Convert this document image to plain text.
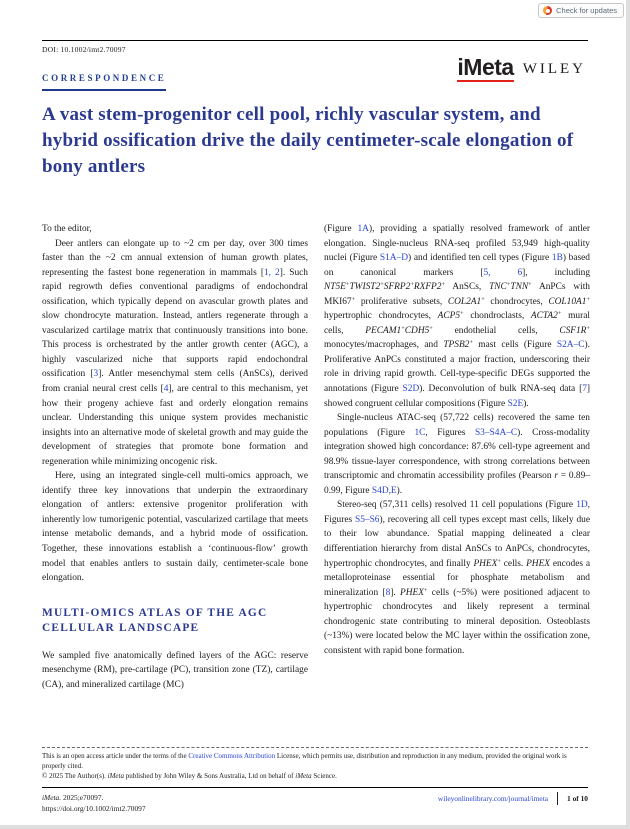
Check for updates
DOI: 10.1002/imt2.70097
CORRESPONDENCE	iMeta WILEY
A vast stem-progenitor cell pool, richly vascular system, and hybrid ossification drive the daily centimeter-scale elongation of bony antlers

To the editor,

Deer antlers can elongate up to ~2 cm per day, over 300 times faster than the ~2 cm annual extension of human growth plates, representing the fastest bone regeneration in mammals [1, 2]. Such rapid regrowth defies conventional paradigms of endochondral ossification, which typically depend on avascular growth plates and slow chondrocyte maturation. Instead, antlers regenerate through a vascularized cartilage matrix that continuously transitions into bone. This process is orchestrated by the antler growth center (AGC), a highly vascularized niche that supports rapid endochondral ossification [3]. Antler mesenchymal stem cells (AnSCs), derived from cranial neural crest cells [4], are central to this mechanism, yet how their progeny achieve fast and orderly elongation remains unclear. Understanding this unique system provides mechanistic insights into an alternative mode of skeletal growth and may guide the development of strategies that promote bone formation and regeneration while minimizing oncogenic risk.

Here, using an integrated single-cell multi-omics approach, we identify three key innovations that underpin the extraordinary elongation of antlers: extensive progenitor proliferation with inherently low tumorigenic potential, vascularized cartilage that meets intense metabolic demands, and a hybrid mode of ossification. Together, these innovations establish a ‘continuous-flow’ growth model that enables antlers to sustain daily, centimeter-scale bone elongation.

MULTI-OMICS ATLAS OF THE AGC CELLULAR LANDSCAPE

We sampled five anatomically defined layers of the AGC: reserve mesenchyme (RM), pre-cartilage (PC), transition zone (TZ), cartilage (CA), and mineralized cartilage (MC)

(Figure 1A), providing a spatially resolved framework of antler elongation. Single-nucleus RNA-seq profiled 53,949 high-quality nuclei (Figure S1A–D) and identified ten cell types (Figure 1B) based on canonical markers [5, 6], including NT5E+TWIST2+SFRP2+RXFP2+ AnSCs, TNC+TNN+ AnPCs with MKI67+ proliferative subsets, COL2A1+ chondrocytes, COL10A1+ hypertrophic chondrocytes, ACP5+ chondroclasts, ACTA2+ mural cells, PECAM1+CDH5+ endothelial cells, CSF1R+ monocytes/macrophages, and TPSB2+ mast cells (Figure S2A–C). Proliferative AnPCs constituted a major fraction, underscoring their role in driving rapid growth. Cell-type-specific DEGs supported the annotations (Figure S2D). Deconvolution of bulk RNA-seq data [7] showed congruent cellular compositions (Figure S2E).

Single-nucleus ATAC-seq (57,722 cells) recovered the same ten populations (Figure 1C, Figures S3–S4A–C). Cross-modality integration showed high concordance: 87.6% cell-type agreement and 98.9% tissue-layer correspondence, with strong correlations between transcriptomic and chromatin accessibility profiles (Pearson r = 0.89–0.99, Figure S4D,E).

Stereo-seq (57,311 cells) resolved 11 cell populations (Figure 1D, Figures S5–S6), recovering all cell types except mast cells, likely due to their low abundance. Spatial mapping delineated a clear differentiation hierarchy from distal AnSCs to AnPCs, chondrocytes, hypertrophic chondrocytes, and finally PHEX+ cells. PHEX encodes a metalloproteinase essential for phosphate metabolism and mineralization [8]. PHEX+ cells (~5%) were positioned adjacent to hypertrophic chondrocytes and likely represent a terminal chondrogenic state contributing to mineral deposition. Osteoblasts (~13%) were located below the MC layer within the ossification zone, consistent with rapid bone formation.

This is an open access article under the terms of the Creative Commons Attribution License, which permits use, distribution and reproduction in any medium, provided the original work is properly cited.

© 2025 The Author(s). iMeta published by John Wiley & Sons Australia, Ltd on behalf of iMeta Science.

iMeta. 2025;e70097.
https://doi.org/10.1002/imt2.70097
wileyonlinelibrary.com/journal/imeta	1 of 10
